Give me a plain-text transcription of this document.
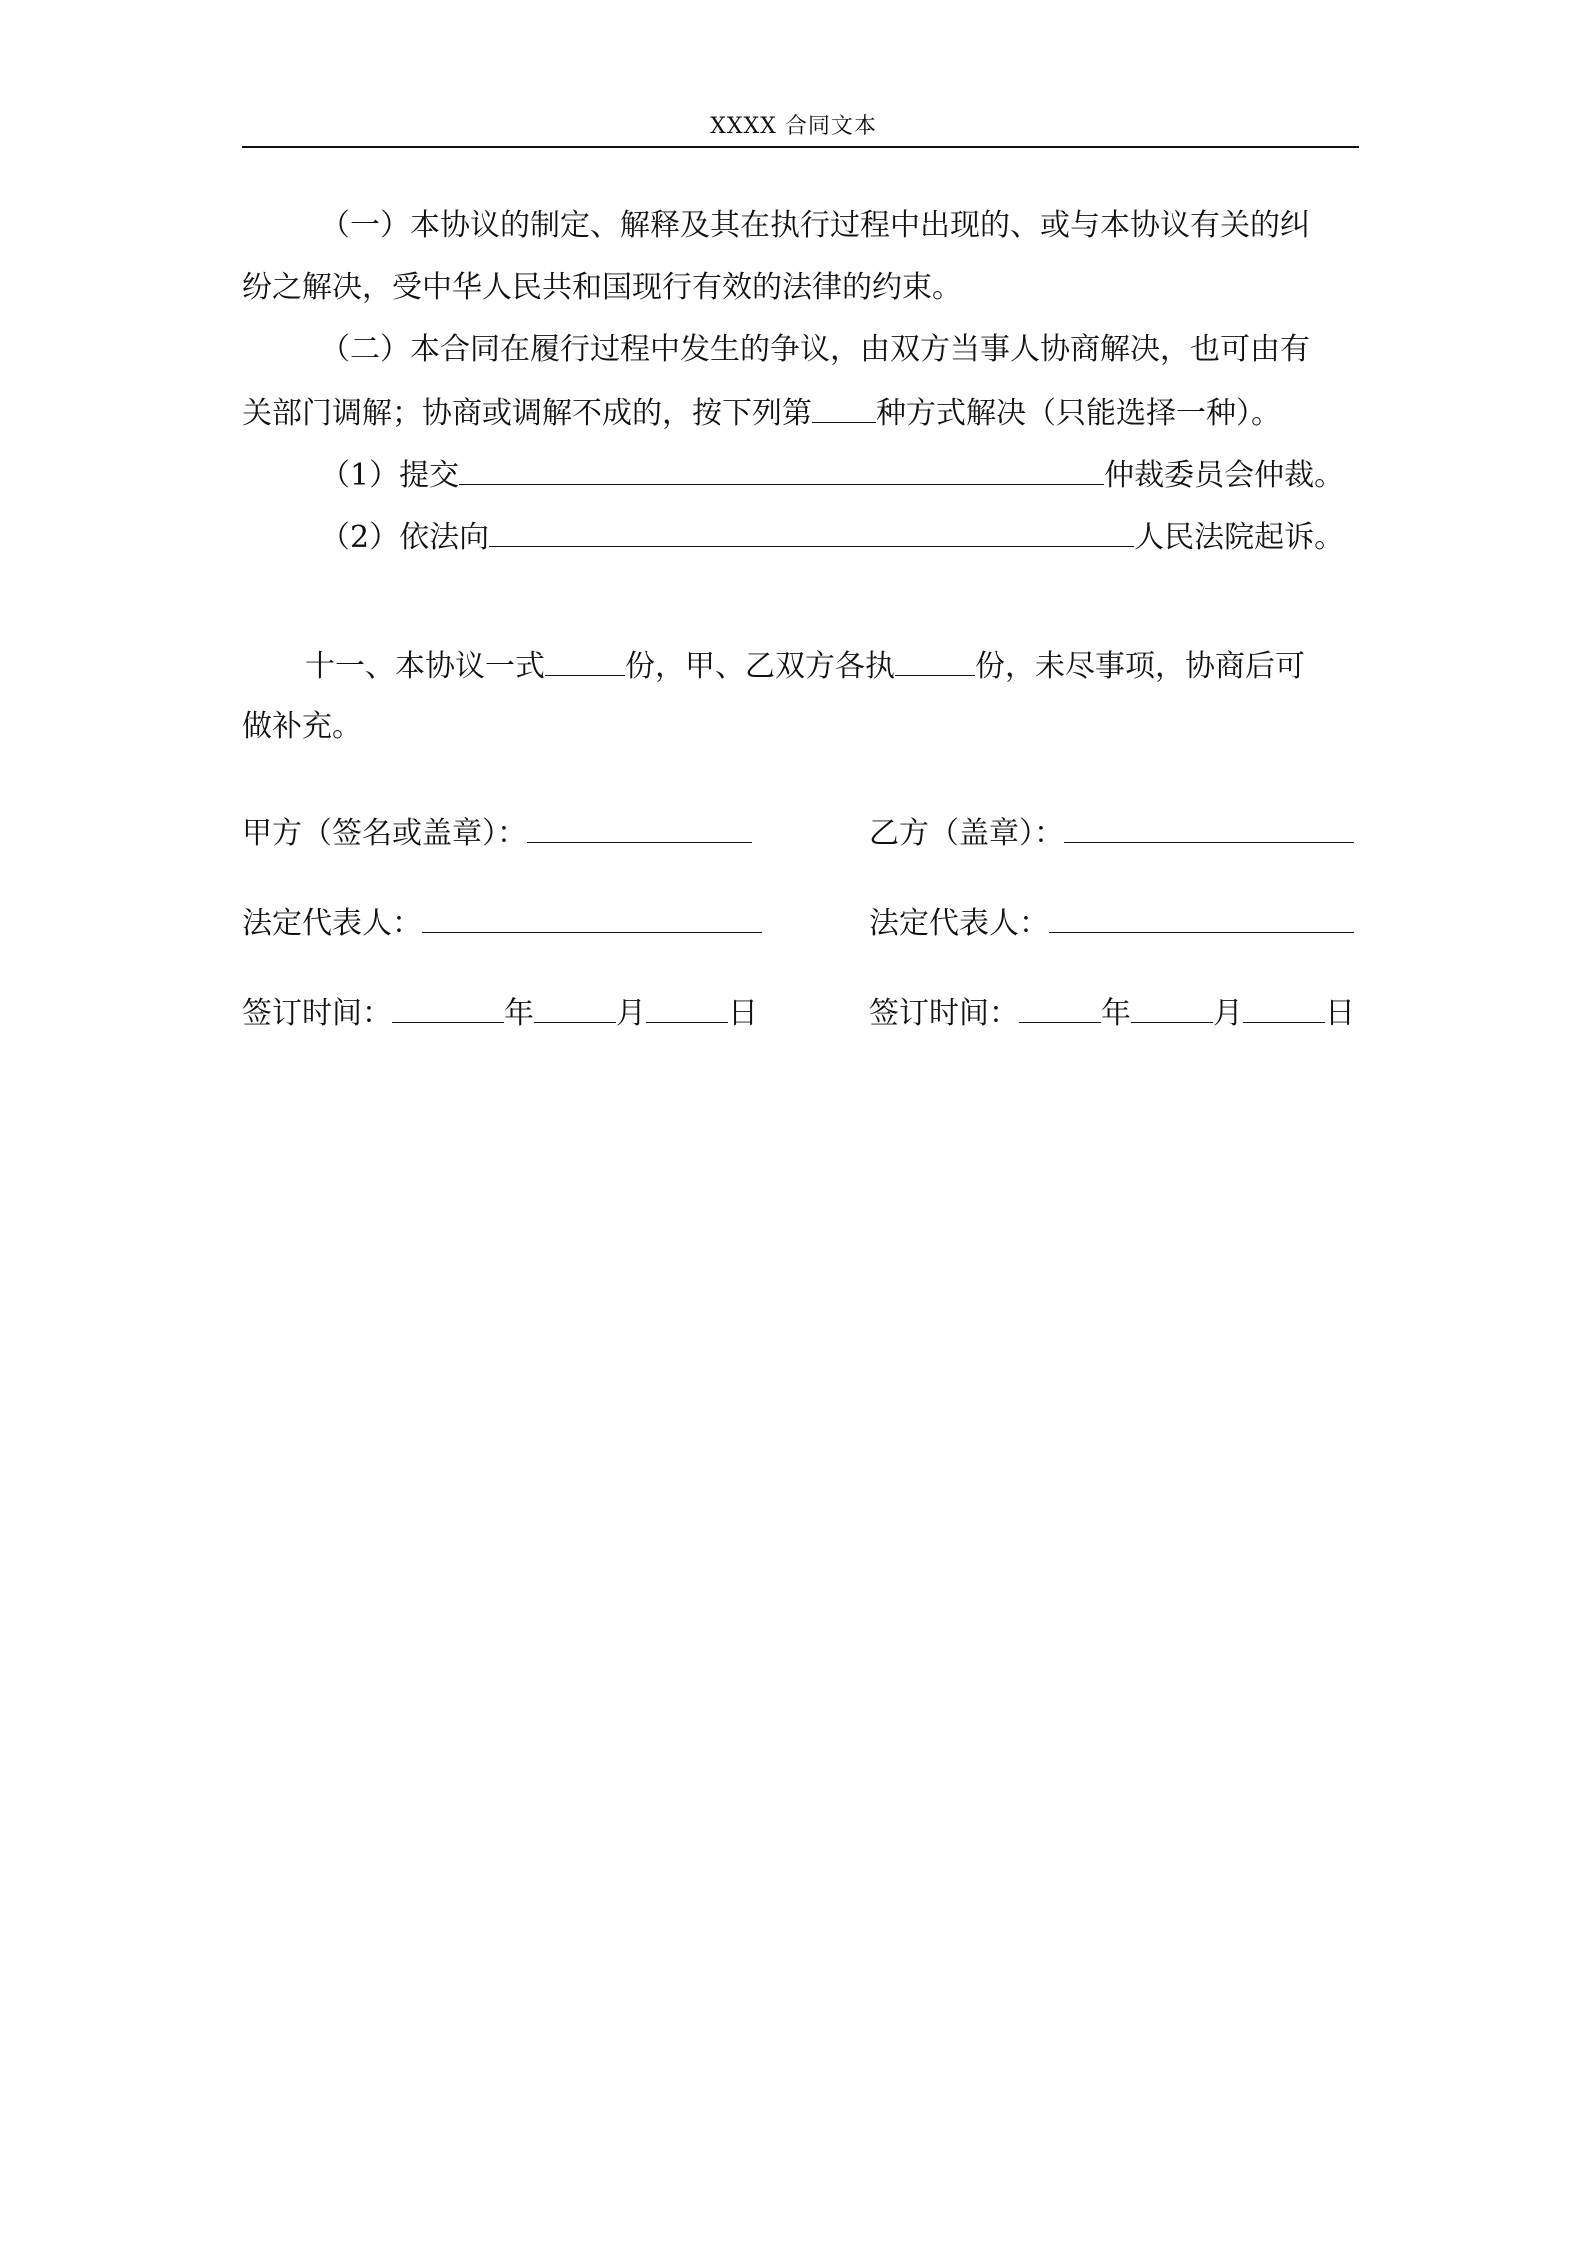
XXXX 合同文本
（一）本协议的制定、解释及其在执行过程中出现的、或与本协议有关的纠
纷之解决，受中华人民共和国现行有效的法律的约束。
（二）本合同在履行过程中发生的争议，由双方当事人协商解决，也可由有
关部门调解；协商或调解不成的，按下列第 种方式解决（只能选择一种）。
（1）提交	仲裁委员会仲裁。
（2）依法向	人民法院起诉。
十一、本协议一式	份，甲、乙双方各执	份，未尽事项，协商后可
做补充。
甲方（签名或盖章）：	乙方（盖章）：
法定代表人：	法定代表人：
签订时间：	年	月	日	签订时间：	年	月	日
